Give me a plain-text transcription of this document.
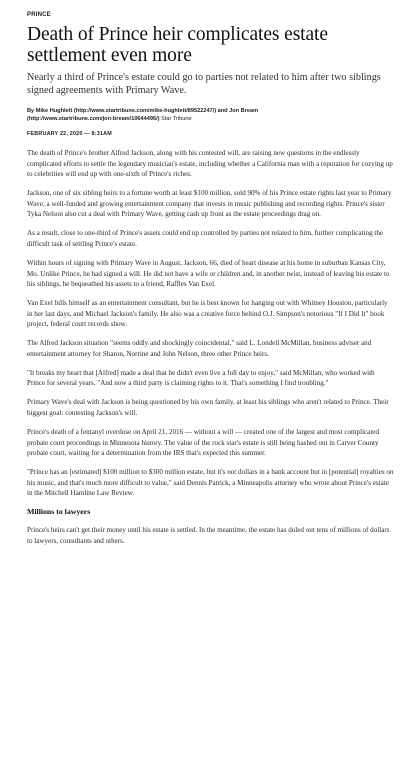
PRINCE
Death of Prince heir complicates estate settlement even more
Nearly a third of Prince's estate could go to parties not related to him after two siblings signed agreements with Primary Wave.
By Mike Hughlett (http://www.startribune.com/mike-hughlett/89522247/) and Jon Bream
(http://www.startribune.com/jon-bream/10644496/) Star Tribune
FEBRUARY 22, 2020 — 8:31AM

The death of Prince's brother Alfred Jackson, along with his contested will, are raising new questions in the endlessly complicated efforts to settle the legendary musician's estate, including whether a California man with a reputation for cozying up to celebrities will end up with one-sixth of Prince's riches.

Jackson, one of six sibling heirs to a fortune worth at least $100 million, sold 90% of his Prince estate rights last year to Primary Wave, a well-funded and growing entertainment company that invests in music publishing and recording rights. Prince's sister Tyka Nelson also cut a deal with Primary Wave, getting cash up front as the estate proceedings drag on.

As a result, close to one-third of Prince's assets could end up controlled by parties not related to him, further complicating the difficult task of settling Prince's estate.

Within hours of signing with Primary Wave in August, Jackson, 66, died of heart disease at his home in suburban Kansas City, Mo. Unlike Prince, he had signed a will. He did not have a wife or children and, in another twist, instead of leaving his estate to his siblings, he bequeathed his assets to a friend, Raffles Van Exel.

Van Exel bills himself as an entertainment consultant, but he is best known for hanging out with Whitney Houston, particularly in her last days, and Michael Jackson's family. He also was a creative force behind O.J. Simpson's notorious "If I Did It" book project, federal court records show.

The Alfred Jackson situation "seems oddly and shockingly coincidental," said L. Londell McMillan, business adviser and entertainment attorney for Sharon, Norrine and John Nelson, three other Prince heirs.

"It breaks my heart that [Alfred] made a deal that he didn't even live a full day to enjoy," said McMillan, who worked with Prince for several years. "And now a third party is claiming rights to it. That's something I find troubling."

Primary Wave's deal with Jackson is being questioned by his own family, at least his siblings who aren't related to Prince. Their biggest goal: contesting Jackson's will.

Prince's death of a fentanyl overdose on April 21, 2016 — without a will — created one of the largest and most complicated probate court proceedings in Minnesota history. The value of the rock star's estate is still being hashed out in Carver County probate court, waiting for a determination from the IRS that's expected this summer.

"Prince has an [estimated] $100 million to $300 million estate, but it's not dollars in a bank account but in [potential] royalties on his music, and that's much more difficult to value," said Dennis Patrick, a Minneapolis attorney who wrote about Prince's estate in the Mitchell Hamline Law Review.

Millions to lawyers

Prince's heirs can't get their money until his estate is settled. In the meantime, the estate has doled out tens of millions of dollars to lawyers, consultants and others.
